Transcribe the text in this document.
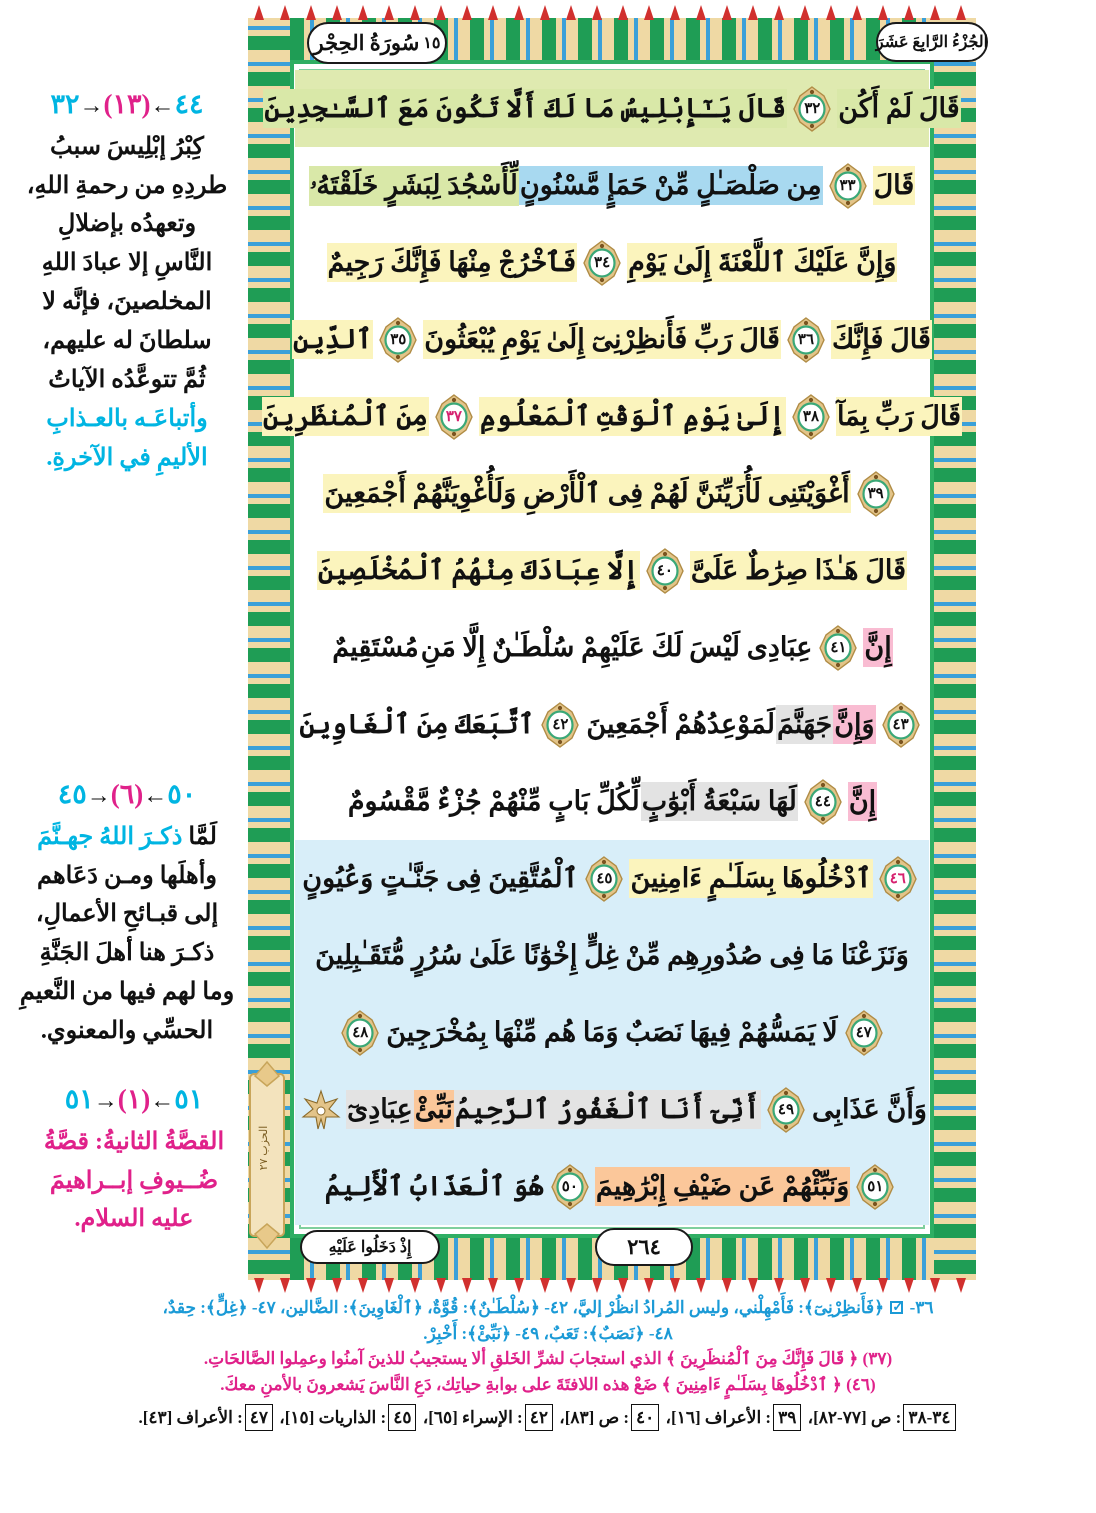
١٥
سُورَةُ الحِجْر	الجُزْءُ الرَّابِعَ عَشَرَ
قَالَ لَمْ أَكُن
٣٢
قَالَ يَـٰٓإِبْلِيسُ مَا لَكَ أَلَّا تَكُونَ مَعَ ٱلسَّـٰجِدِينَ
قَالَ
٣٣
مِن صَلْصَـٰلٍ مِّنْ حَمَإٍ مَّسْنُونٍ
لِّأَسْجُدَ لِبَشَرٍ خَلَقْتَهُۥ
وَإِنَّ عَلَيْكَ ٱللَّعْنَةَ إِلَىٰ يَوْمِ
٣٤
فَٱخْرُجْ مِنْهَا فَإِنَّكَ رَجِيمٌ
قَالَ فَإِنَّكَ
٣٦
قَالَ رَبِّ فَأَنظِرْنِىٓ إِلَىٰ يَوْمِ يُبْعَثُونَ
٣٥
ٱلدِّينِ
قَالَ رَبِّ بِمَآ
٣٨
إِلَىٰ يَوْمِ ٱلْوَقْتِ ٱلْمَعْلُومِ
٣٧
مِنَ ٱلْمُنظَرِينَ
٣٩
أَغْوَيْتَنِى لَأُزَيِّنَنَّ لَهُمْ فِى ٱلْأَرْضِ وَلَأُغْوِيَنَّهُمْ أَجْمَعِينَ
قَالَ هَـٰذَا صِرَٰطٌ عَلَىَّ
٤٠
إِلَّا عِبَادَكَ مِنْهُمُ ٱلْمُخْلَصِينَ
إِنَّ
٤١
عِبَادِى لَيْسَ لَكَ عَلَيْهِمْ سُلْطَـٰنٌ إِلَّا مَنِ
مُسْتَقِيمٌ
٤٣
وَإِنَّ
جَهَنَّمَ
لَمَوْعِدُهُمْ أَجْمَعِينَ
٤٢
ٱتَّبَعَكَ مِنَ ٱلْغَاوِينَ
إِنَّ
٤٤
لَهَا سَبْعَةُ أَبْوَٰبٍ
لِّكُلِّ بَابٍ مِّنْهُمْ جُزْءٌ مَّقْسُومٌ
٤٦
ٱدْخُلُوهَا بِسَلَـٰمٍ ءَامِنِينَ
٤٥
ٱلْمُتَّقِينَ فِى جَنَّـٰتٍ وَعُيُونٍ
وَنَزَعْنَا مَا فِى صُدُورِهِم مِّنْ غِلٍّ إِخْوَٰنًا عَلَىٰ سُرُرٍ مُّتَقَـٰبِلِينَ
٤٧
لَا يَمَسُّهُمْ فِيهَا نَصَبٌ وَمَا هُم مِّنْهَا بِمُخْرَجِينَ
٤٨
وَأَنَّ عَذَابِى
٤٩
أَنِّىٓ أَنَا ٱلْغَفُورُ ٱلرَّحِيمُ
نَبِّئْ
عِبَادِىٓ
٥١
وَنَبِّئْهُمْ عَن ضَيْفِ إِبْرَٰهِيمَ
٥٠
هُوَ ٱلْعَذَابُ ٱلْأَلِيمُ
الحزب ٢٧
إِذْ دَخَلُوا عَلَيْهِ	٢٦٤
٤٤←(١٣)→٣٢
كِبْرُ إبْلِيسَ سببُ
طردِهِ من رحمةِ اللهِ،
وتعهدُه بإضلالِ
النَّاسِ إلا عبادَ اللهِ
المخلصينَ، فإنَّه لا
سلطانَ له عليهم،
ثُمَّ تتوعَّدُه الآياتُ
وأتباعَـه بالعـذابِ
الأليمِ في الآخرةِ.
٥٠←(٦)→٤٥
لَمَّا ذكـرَ اللهُ جهـنَّمَ
وأهلَها ومـن دَعَاهم
إلى قبـائحِ الأعمالِ،
ذكـرَ هنا أهلَ الجَنَّةِ
وما لهم فيها من النَّعيمِ
الحسِّي والمعنوي.
٥١←(١)→٥١
القصَّةُ الثانيةُ: قصَّةُ
ضُــيوفِ إبــراهيمَ
عليه السلام.
٣٦- ✓ ﴿فَأَنظِرْنِىٓ﴾: فَأَمْهِلْني، وليس المُرادُ انظُرْ إليَّ، ٤٢- ﴿سُلْطَـٰنٌ﴾: قُوَّةٌ، ﴿ٱلْغَاوِينَ﴾: الضَّالين، ٤٧- ﴿غِلٍّ﴾: حِقدٌ،
٤٨- ﴿نَصَبٌ﴾: تَعَبٌ، ٤٩- ﴿نَبِّئْ﴾: أَخْبِرْ.
(٣٧) ﴿ قَالَ فَإِنَّكَ مِنَ ٱلْمُنظَرِينَ ﴾ الذي استجابَ لشرِّ الخَلقِ ألا يستجيبُ للذينَ آمنُوا وعمِلوا الصَّالحَاتِ.
(٤٦) ﴿ ٱدْخُلُوهَا بِسَلَـٰمٍ ءَامِنِينَ ﴾ ضَعْ هذه اللافتَةَ على بوابةِ حياتِك، دَعِ النَّاسَ يَشعرونَ بالأمنِ معكَ.
٣٤-٣٨: ص [٧٧-٨٢]، ٣٩: الأعراف [١٦]، ٤٠: ص [٨٣]، ٤٢: الإسراء [٦٥]، ٤٥: الذاريات [١٥]، ٤٧: الأعراف [٤٣].
